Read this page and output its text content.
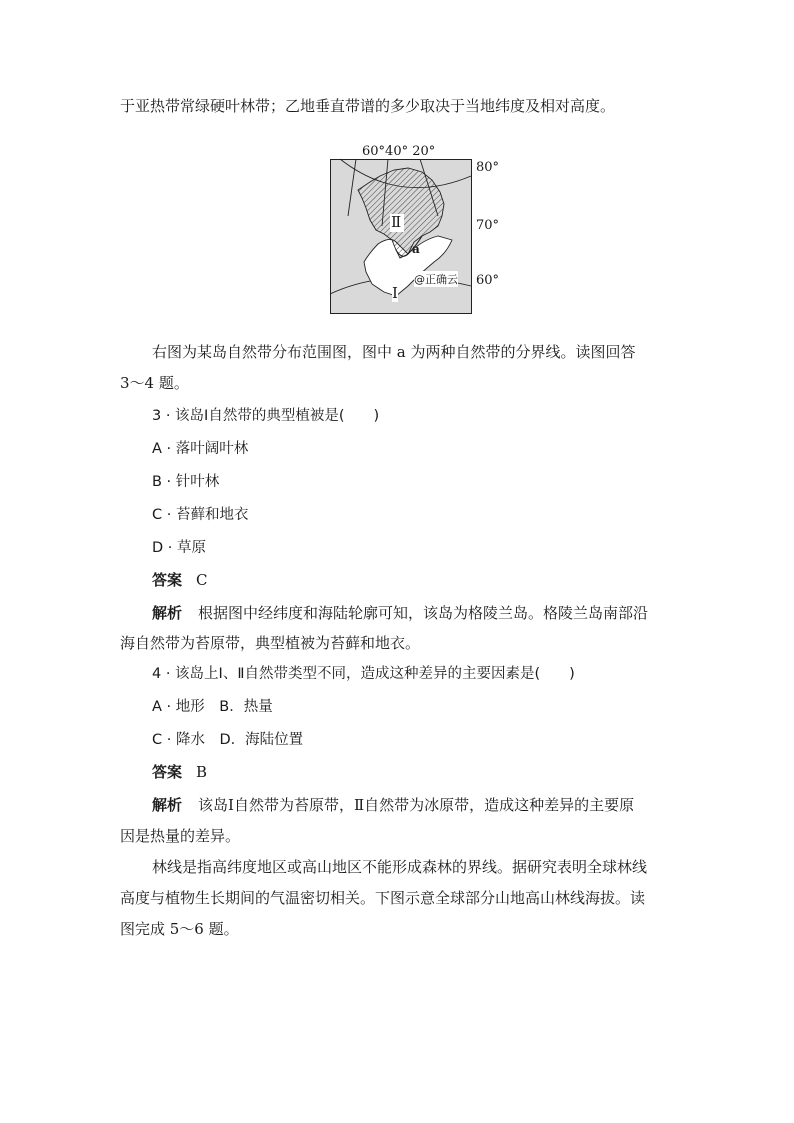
于亚热带常绿硬叶林带；乙地垂直带谱的多少取决于当地纬度及相对高度。
60°40° 20°
80°
70°
60°
Ⅱ
Ⅰ
a
@正确云
右图为某岛自然带分布范围图，图中 a 为两种自然带的分界线。读图回答
3～4 题。
3 · 该岛Ⅰ自然带的典型植被是(　　)
A · 落叶阔叶林
B · 针叶林
C · 苔藓和地衣
D · 草原
答案 C
解析 根据图中经纬度和海陆轮廓可知，该岛为格陵兰岛。格陵兰岛南部沿
海自然带为苔原带，典型植被为苔藓和地衣。
4 · 该岛上Ⅰ、Ⅱ自然带类型不同，造成这种差异的主要因素是(　　)
A · 地形　B．热量
C · 降水　D．海陆位置
答案 B
解析 该岛Ⅰ自然带为苔原带，Ⅱ自然带为冰原带，造成这种差异的主要原
因是热量的差异。
林线是指高纬度地区或高山地区不能形成森林的界线。据研究表明全球林线
高度与植物生长期间的气温密切相关。下图示意全球部分山地高山林线海拔。读
图完成 5～6 题。
